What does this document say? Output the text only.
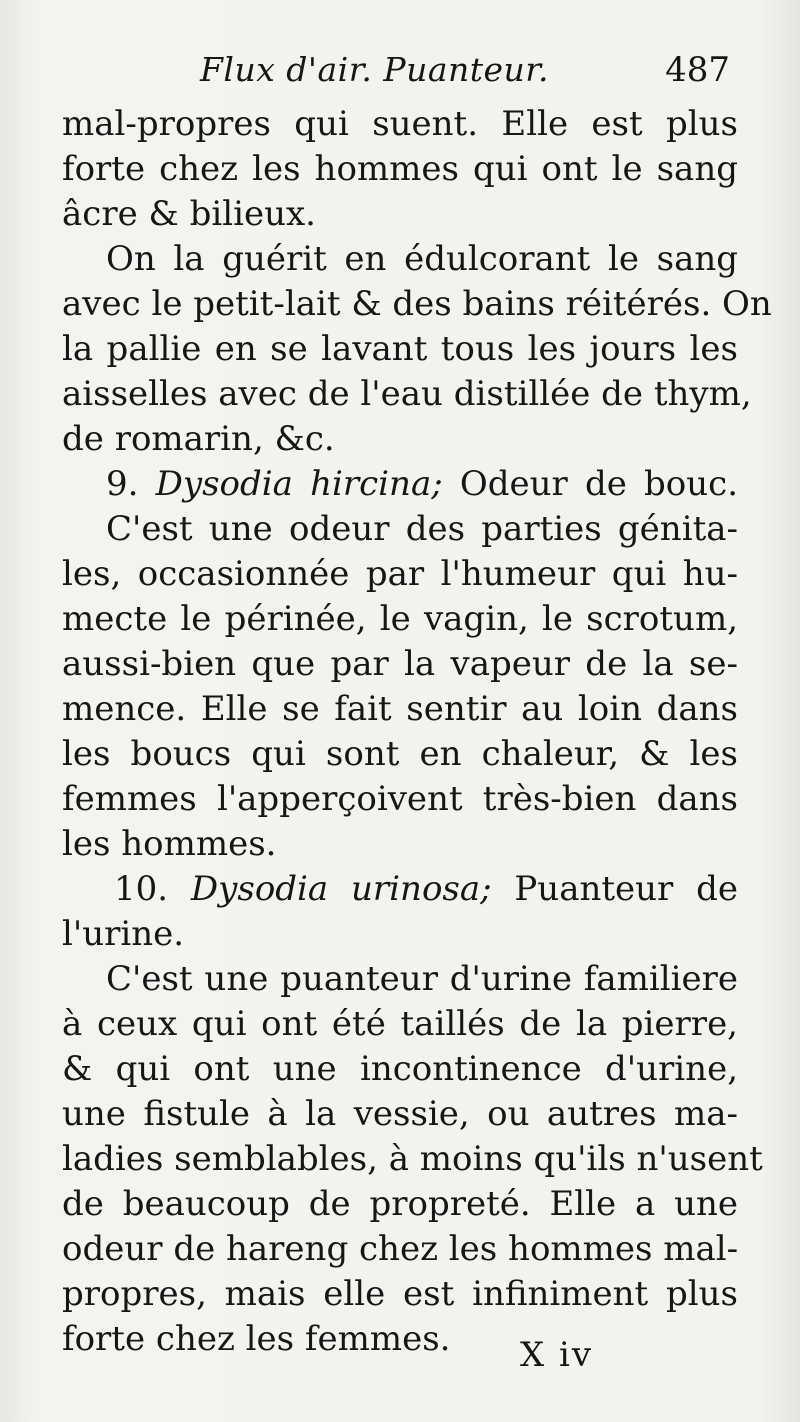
Flux d'air. Puanteur.	487
mal-propres qui suent. Elle est plus
forte chez les hommes qui ont le sang
âcre & bilieux.
On la guérit en édulcorant le sang
avec le petit-lait & des bains réitérés. On
la pallie en se lavant tous les jours les
aisselles avec de l'eau distillée de thym,
de romarin, &c.
9. Dysodia hircina; Odeur de bouc.
C'est une odeur des parties génita-
les, occasionnée par l'humeur qui hu-
mecte le périnée, le vagin, le scrotum,
aussi-bien que par la vapeur de la se-
mence. Elle se fait sentir au loin dans
les boucs qui sont en chaleur, & les
femmes l'apperçoivent très-bien dans
les hommes.
10. Dysodia urinosa; Puanteur de
l'urine.
C'est une puanteur d'urine familiere
à ceux qui ont été taillés de la pierre,
& qui ont une incontinence d'urine,
une fistule à la vessie, ou autres ma-
ladies semblables, à moins qu'ils n'usent
de beaucoup de propreté. Elle a une
odeur de hareng chez les hommes mal-
propres, mais elle est infiniment plus
forte chez les femmes.	X iv
